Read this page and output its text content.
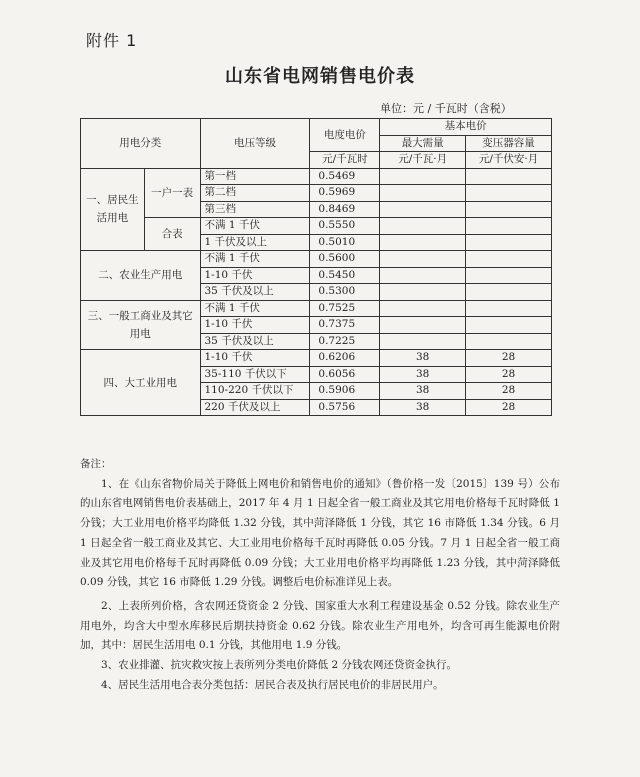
附件 1
山东省电网销售电价表
单位：元 / 千瓦时（含税）
用电分类		电压等级	电度电价	基本电价	
				最大需量	变压器容量
			元/千瓦时	元/千瓦·月	元/千伏安·月
一、居民生活用电	一户一表	第一档	0.5469		
		第二档	0.5969		
		第三档	0.8469		
	合表	不满 1 千伏	0.5550		
		1 千伏及以上	0.5010		
二、农业生产用电		不满 1 千伏	0.5600		
		1-10 千伏	0.5450		
		35 千伏及以上	0.5300		
三、一般工商业及其它用电		不满 1 千伏	0.7525		
		1-10 千伏	0.7375		
		35 千伏及以上	0.7225		
四、大工业用电		1-10 千伏	0.6206	38	28
		35-110 千伏以下	0.6056	38	28
		110-220 千伏以下	0.5906	38	28
		220 千伏及以上	0.5756	38	28

备注：

1、在《山东省物价局关于降低上网电价和销售电价的通知》（鲁价格一发〔2015〕139 号）公布的山东省电网销售电价表基础上，2017 年 4 月 1 日起全省一般工商业及其它用电价格每千瓦时降低 1 分钱；大工业用电价格平均降低 1.32 分钱，其中菏泽降低 1 分钱，其它 16 市降低 1.34 分钱。6 月 1 日起全省一般工商业及其它、大工业用电价格每千瓦时再降低 0.05 分钱。7 月 1 日起全省一般工商业及其它用电价格每千瓦时再降低 0.09 分钱；大工业用电价格平均再降低 1.23 分钱，其中菏泽降低 0.09 分钱，其它 16 市降低 1.29 分钱。调整后电价标准详见上表。

2、上表所列价格，含农网还贷资金 2 分钱、国家重大水利工程建设基金 0.52 分钱。除农业生产用电外，均含大中型水库移民后期扶持资金 0.62 分钱。除农业生产用电外，均含可再生能源电价附加，其中：居民生活用电 0.1 分钱，其他用电 1.9 分钱。

3、农业排灌、抗灾救灾按上表所列分类电价降低 2 分钱农网还贷资金执行。

4、居民生活用电合表分类包括：居民合表及执行居民电价的非居民用户。
